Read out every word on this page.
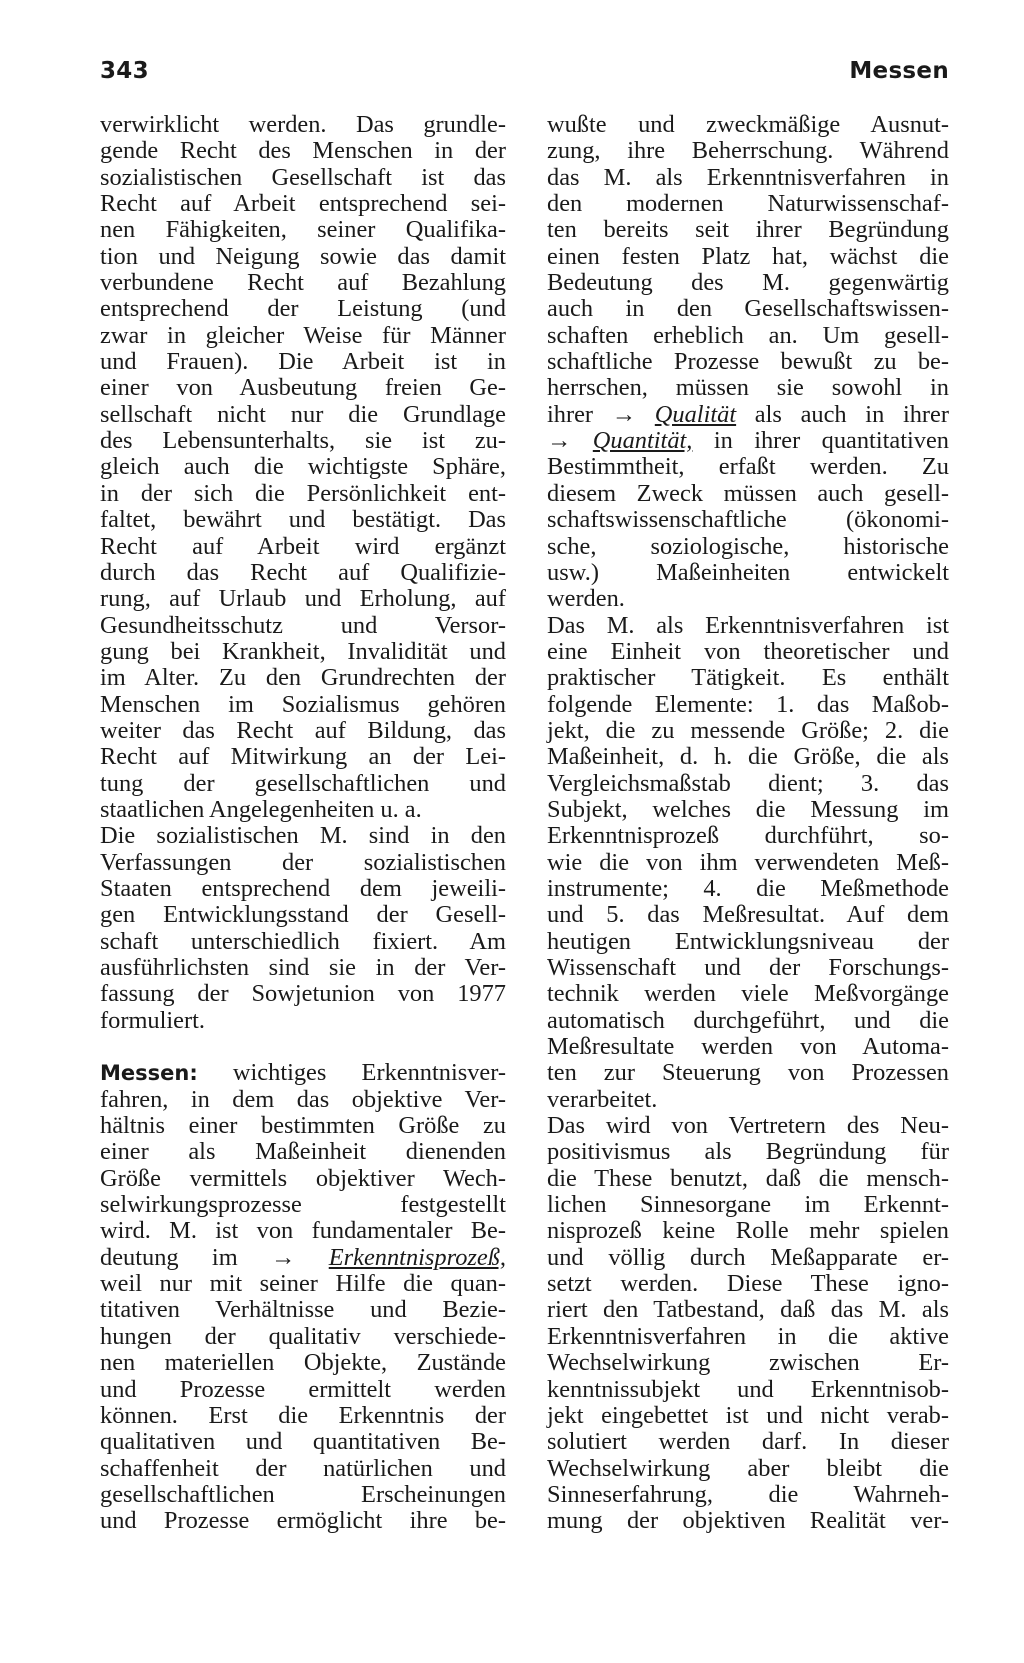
343	Messen
verwirklicht werden. Das grundle-
gende Recht des Menschen in der
sozialistischen Gesellschaft ist das
Recht auf Arbeit entsprechend sei-
nen Fähigkeiten, seiner Qualifika-
tion und Neigung sowie das damit
verbundene Recht auf Bezahlung
entsprechend der Leistung (und
zwar in gleicher Weise für Männer
und Frauen). Die Arbeit ist in
einer von Ausbeutung freien Ge-
sellschaft nicht nur die Grundlage
des Lebensunterhalts, sie ist zu-
gleich auch die wichtigste Sphäre,
in der sich die Persönlichkeit ent-
faltet, bewährt und bestätigt. Das
Recht auf Arbeit wird ergänzt
durch das Recht auf Qualifizie-
rung, auf Urlaub und Erholung, auf
Gesundheitsschutz und Versor-
gung bei Krankheit, Invalidität und
im Alter. Zu den Grundrechten der
Menschen im Sozialismus gehören
weiter das Recht auf Bildung, das
Recht auf Mitwirkung an der Lei-
tung der gesellschaftlichen und
staatlichen Angelegenheiten u. a.
Die sozialistischen M. sind in den
Verfassungen der sozialistischen
Staaten entsprechend dem jeweili-
gen Entwicklungsstand der Gesell-
schaft unterschiedlich fixiert. Am
ausführlichsten sind sie in der Ver-
fassung der Sowjetunion von 1977
formuliert.
Messen: wichtiges Erkenntnisver-
fahren, in dem das objektive Ver-
hältnis einer bestimmten Größe zu
einer als Maßeinheit dienenden
Größe vermittels objektiver Wech-
selwirkungsprozesse festgestellt
wird. M. ist von fundamentaler Be-
deutung im → Erkenntnisprozeß,
weil nur mit seiner Hilfe die quan-
titativen Verhältnisse und Bezie-
hungen der qualitativ verschiede-
nen materiellen Objekte, Zustände
und Prozesse ermittelt werden
können. Erst die Erkenntnis der
qualitativen und quantitativen Be-
schaffenheit der natürlichen und
gesellschaftlichen Erscheinungen
und Prozesse ermöglicht ihre be-
wußte und zweckmäßige Ausnut-
zung, ihre Beherrschung. Während
das M. als Erkenntnisverfahren in
den modernen Naturwissenschaf-
ten bereits seit ihrer Begründung
einen festen Platz hat, wächst die
Bedeutung des M. gegenwärtig
auch in den Gesellschaftswissen-
schaften erheblich an. Um gesell-
schaftliche Prozesse bewußt zu be-
herrschen, müssen sie sowohl in
ihrer → Qualität als auch in ihrer
→ Quantität, in ihrer quantitativen
Bestimmtheit, erfaßt werden. Zu
diesem Zweck müssen auch gesell-
schaftswissenschaftliche (ökonomi-
sche, soziologische, historische
usw.) Maßeinheiten entwickelt
werden.
Das M. als Erkenntnisverfahren ist
eine Einheit von theoretischer und
praktischer Tätigkeit. Es enthält
folgende Elemente: 1. das Maßob-
jekt, die zu messende Größe; 2. die
Maßeinheit, d. h. die Größe, die als
Vergleichsmaßstab dient; 3. das
Subjekt, welches die Messung im
Erkenntnisprozeß durchführt, so-
wie die von ihm verwendeten Meß-
instrumente; 4. die Meßmethode
und 5. das Meßresultat. Auf dem
heutigen Entwicklungsniveau der
Wissenschaft und der Forschungs-
technik werden viele Meßvorgänge
automatisch durchgeführt, und die
Meßresultate werden von Automa-
ten zur Steuerung von Prozessen
verarbeitet.
Das wird von Vertretern des Neu-
positivismus als Begründung für
die These benutzt, daß die mensch-
lichen Sinnesorgane im Erkennt-
nisprozeß keine Rolle mehr spielen
und völlig durch Meßapparate er-
setzt werden. Diese These igno-
riert den Tatbestand, daß das M. als
Erkenntnisverfahren in die aktive
Wechselwirkung zwischen Er-
kenntnissubjekt und Erkenntnisob-
jekt eingebettet ist und nicht verab-
solutiert werden darf. In dieser
Wechselwirkung aber bleibt die
Sinneserfahrung, die Wahrneh-
mung der objektiven Realität ver-
